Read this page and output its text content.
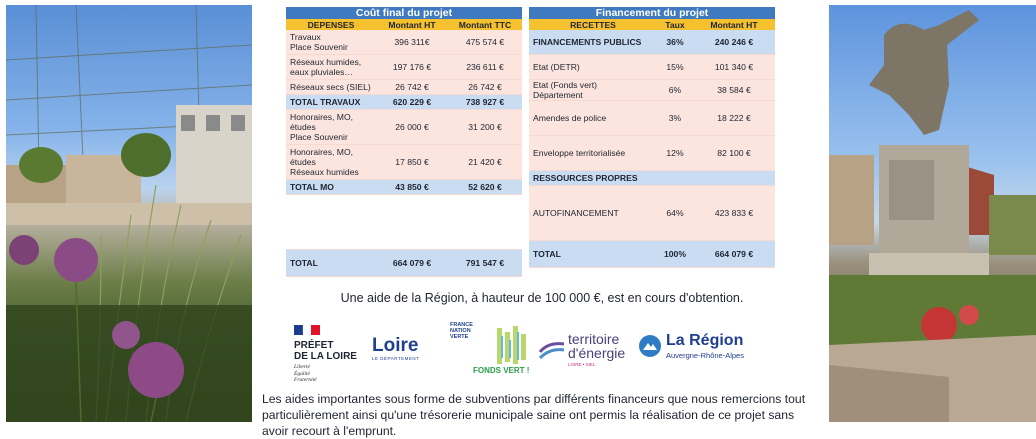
Coût final du projet		
DEPENSES	Montant HT	Montant TTC
Travaux
Place Souvenir	396 311€	475 574 €
Réseaux humides, eaux pluviales…	197 176 €	236 611 €
Réseaux secs (SIEL)	26 742 €	26 742 €
TOTAL TRAVAUX	620 229 €	738 927 €
Honoraires, MO, études
Place Souvenir	26 000 €	31 200 €
Honoraires, MO, études
Réseaux humides	17 850 €	21 420 €
TOTAL MO	43 850 €	52 620 €

TOTAL	664 079 €	791 547 €
Financement du projet		
RECETTES	Taux	Montant HT
FINANCEMENTS PUBLICS	36%	240 246 €
Etat (DETR)	15%	101 340 €
Etat (Fonds vert)
Département	6%	38 584 €
Amendes de police	3%	18 222 €
Enveloppe territorialisée	12%	82 100 €
RESSOURCES PROPRES		
AUTOFINANCEMENT	64%	423 833 €
TOTAL	100%	664 079 €
Une aide de la Région, à hauteur de 100 000 €, est en cours d'obtention.
PRÉFET
DE LA LOIRE
Liberté
Égalité
Fraternité
Loire
LE DÉPARTEMENT
FRANCE NATION VERTE
FONDS VERT !
territoire
d'énergie
LOIRE • SIEL
La Région
Auvergne-Rhône-Alpes
Les aides importantes sous forme de subventions par différents financeurs que nous remercions tout particulièrement ainsi qu'une trésorerie municipale saine ont permis la réalisation de ce projet sans avoir recourt à l'emprunt.
